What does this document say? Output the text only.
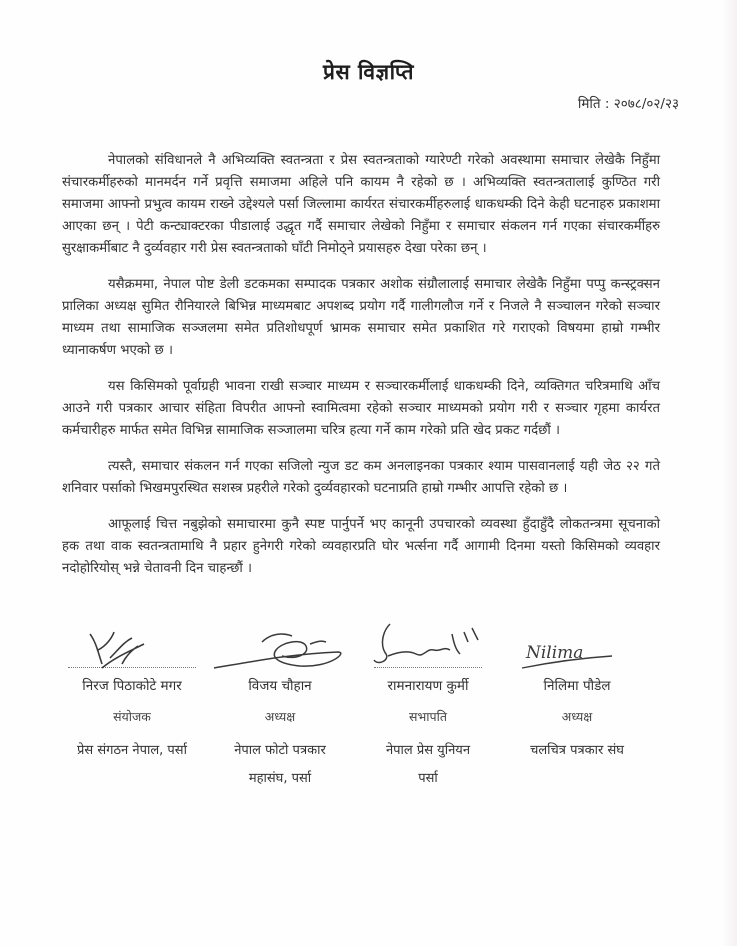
प्रेस विज्ञप्ति
मिति : २०७८/०२/२३

नेपालको संविधानले नै अभिव्यक्ति स्वतन्त्रता र प्रेस स्वतन्त्रताको ग्यारेण्टी गरेको अवस्थामा समाचार लेखेकै निहुँमा संचारकर्मीहरुको मानमर्दन गर्ने प्रवृत्ति समाजमा अहिले पनि कायम नै रहेको छ । अभिव्यक्ति स्वतन्त्रतालाई कुण्ठित गरी समाजमा आफ्नो प्रभुत्व कायम राख्ने उद्देश्यले पर्सा जिल्लामा कार्यरत संचारकर्मीहरुलाई धाकधम्की दिने केही घटनाहरु प्रकाशमा आएका छन् । पेटी कन्ट्याक्टरका पीडालाई उद्धृत गर्दै समाचार लेखेको निहुँमा र समाचार संकलन गर्न गएका संचारकर्मीहरु सुरक्षाकर्मीबाट नै दुर्व्यवहार गरी प्रेस स्वतन्त्रताको घाँटी निमोठ्ने प्रयासहरु देखा परेका छन् ।

यसैक्रममा, नेपाल पोष्ट डेली डटकमका सम्पादक पत्रकार अशोक संग्रौलालाई समाचार लेखेकै निहुँमा पप्पु कन्स्ट्रक्सन प्रालिका अध्यक्ष सुमित रौनियारले बिभिन्न माध्यमबाट अपशब्द प्रयोग गर्दै गालीगलौज गर्ने र निजले नै सञ्चालन गरेको सञ्चार माध्यम तथा सामाजिक सञ्जलमा समेत प्रतिशोधपूर्ण भ्रामक समाचार समेत प्रकाशित गरे गराएको विषयमा हाम्रो गम्भीर ध्यानाकर्षण भएको छ ।

यस किसिमको पूर्वाग्रही भावना राखी सञ्चार माध्यम र सञ्चारकर्मीलाई धाकधम्की दिने, व्यक्तिगत चरित्रमाथि आँच आउने गरी पत्रकार आचार संहिता विपरीत आफ्नो स्वामित्वमा रहेको सञ्चार माध्यमको प्रयोग गरी र सञ्चार गृहमा कार्यरत कर्मचारीहरु मार्फत समेत विभिन्न सामाजिक सञ्जालमा चरित्र हत्या गर्ने काम गरेको प्रति खेद प्रकट गर्दछौं ।

त्यस्तै, समाचार संकलन गर्न गएका सजिलो न्युज डट कम अनलाइनका पत्रकार श्याम पासवानलाई यही जेठ २२ गते शनिवार पर्साको भिखमपुरस्थित सशस्त्र प्रहरीले गरेको दुर्व्यवहारको घटनाप्रति हाम्रो गम्भीर आपत्ति रहेको छ ।

आफूलाई चित्त नबुझेको समाचारमा कुनै स्पष्ट पार्नुपर्ने भए कानूनी उपचारको व्यवस्था हुँदाहुँदै लोकतन्त्रमा सूचनाको हक तथा वाक स्वतन्त्रतामाथि नै प्रहार हुनेगरी गरेको व्यवहारप्रति घोर भर्त्सना गर्दै आगामी दिनमा यस्तो किसिमको व्यवहार नदोहोरियोस् भन्ने चेतावनी दिन चाहन्छौं ।

निरज पिठाकोटे मगर
संयोजक
प्रेस संगठन नेपाल, पर्सा
विजय चौहान
अध्यक्ष
नेपाल फोटो पत्रकार
महासंघ, पर्सा
रामनारायण कुर्मी
सभापति
नेपाल प्रेस युनियन
पर्सा
Nilima
निलिमा पौडेल
अध्यक्ष
चलचित्र पत्रकार संघ
